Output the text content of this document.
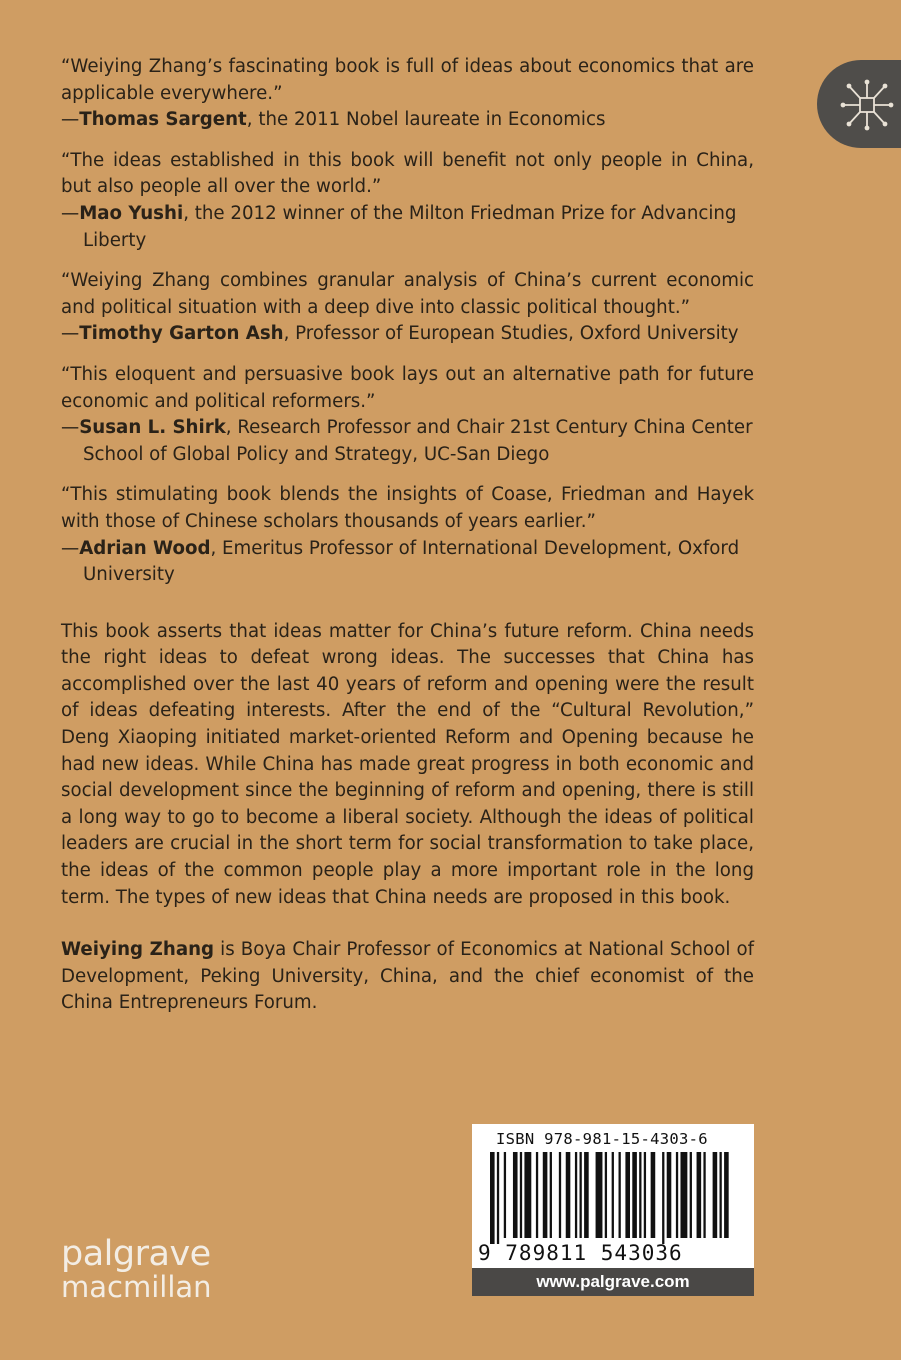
“Weiying Zhang’s fascinating book is full of ideas about economics that are applicable everywhere.”

—Thomas Sargent, the 2011 Nobel laureate in Economics

“The ideas established in this book will benefit not only people in China, but also people all over the world.”

—Mao Yushi, the 2012 winner of the Milton Friedman Prize for Advancing Liberty

“Weiying Zhang combines granular analysis of China’s current economic and political situation with a deep dive into classic political thought.”

—Timothy Garton Ash, Professor of European Studies, Oxford University

“This eloquent and persuasive book lays out an alternative path for future economic and political reformers.”

—Susan L. Shirk, Research Professor and Chair 21st Century China Center School of Global Policy and Strategy, UC-San Diego

“This stimulating book blends the insights of Coase, Friedman and Hayek with those of Chinese scholars thousands of years earlier.”

—Adrian Wood, Emeritus Professor of International Development, Oxford University

This book asserts that ideas matter for China’s future reform. China needs the right ideas to defeat wrong ideas. The successes that China has accomplished over the last 40 years of reform and opening were the result of ideas defeating interests. After the end of the “Cultural Revolution,” Deng Xiaoping initiated market-oriented Reform and Opening because he had new ideas. While China has made great progress in both economic and social development since the beginning of reform and opening, there is still a long way to go to become a liberal society. Although the ideas of political leaders are crucial in the short term for social transformation to take place, the ideas of the common people play a more important role in the long term. The types of new ideas that China needs are proposed in this book.

Weiying Zhang is Boya Chair Professor of Economics at National School of Development, Peking University, China, and the chief economist of the China Entrepreneurs Forum.

palgrave
macmillan
ISBN 978-981-15-4303-6
9 789811 543036
www.palgrave.com
